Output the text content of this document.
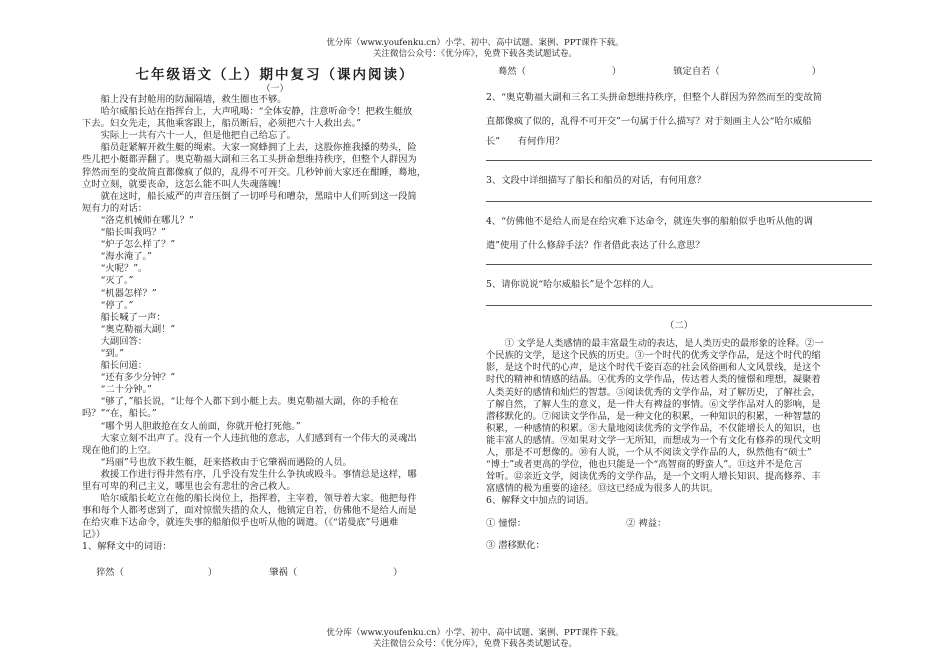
优分库（www.youfenku.cn）小学、初中、高中试题、案例、PPT课件下载。
关注微信公众号：《优分库》，免费下载各类试题试卷。
七年级语文（上）期中复习（课内阅读）
（一）

船上没有封舱用的防漏隔墙，救生圈也不够。

哈尔威船长站在指挥台上，大声吼喝：“全体安静，注意听命令！把救生艇放

下去。妇女先走，其他乘客跟上，船员断后，必须把六十人救出去。”

实际上一共有六十一人，但是他把自己给忘了。

船员赶紧解开救生艇的绳索。大家一窝蜂拥了上去，这股你推我搡的势头，险

些儿把小艇都弄翻了。奥克勒福大副和三名工头拼命想维持秩序，但整个人群因为

猝然而至的变故简直都像疯了似的，乱得不可开交。几秒钟前大家还在酣睡，蓦地，

立时立刻，就要丧命，这怎么能不叫人失魂落魄！

就在这时，船长威严的声音压倒了一切呼号和嘈杂，黑暗中人们听到这一段简

短有力的对话：

“洛克机械师在哪儿？”

“船长叫我吗？”

“炉子怎么样了？”

“海水淹了。”

“火呢？”。

“灭了。”

“机器怎样？”

“停了。”

船长喊了一声：

“奥克勒福大副！”

大副回答：

“到。”

船长问道：

“还有多少分钟？”

“二十分钟。”

“够了，”船长说，“让每个人都下到小艇上去。奥克勒福大副，你的手枪在

吗？”“在，船长。”

“哪个男人胆敢抢在女人前面，你就开枪打死他。”

大家立刻不出声了。没有一个人违抗他的意志，人们感到有一个伟大的灵魂出

现在他们的上空。

“玛丽”号也放下救生艇，赶来搭救由于它肇祸而遇险的人员。

救援工作进行得井然有序，几乎没有发生什么争执或殴斗。事情总是这样，哪

里有可卑的利己主义，哪里也会有悲壮的舍己救人。

哈尔威船长屹立在他的船长岗位上，指挥着，主宰着，领导着大家。他把每件

事和每个人都考虑到了，面对惊慌失措的众人，他镇定自若，仿佛他不是给人而是

在给灾难下达命令，就连失事的船舶似乎也听从他的调遣。（《“诺曼底”号遇难

记》）

1、解释文中的词语：

猝然（	）	肇祸（	）
蓦然（	）	镇定自若（	）

2、“奥克勒福大副和三名工头拼命想维持秩序，但整个人群因为猝然而至的变故简

直都像疯了似的，乱得不可开交”一句属于什么描写？对于刻画主人公“哈尔威船

长”      有何作用？

3、文段中详细描写了船长和船员的对话，有何用意？

4、“仿佛他不是给人而是在给灾难下达命令，就连失事的船舶似乎也听从他的调

遣”使用了什么修辞手法？作者借此表达了什么意思？

5、请你说说“哈尔威船长”是个怎样的人。

（二）

① 文学是人类感情的最丰富最生动的表达，是人类历史的最形象的诠释。②一

个民族的文学，是这个民族的历史。③一个时代的优秀文学作品，是这个时代的缩

影，是这个时代的心声，是这个时代千姿百态的社会风俗画和人文风景线，是这个

时代的精神和情感的结晶。④优秀的文学作品，传达着人类的憧憬和理想，凝聚着

人类美好的感情和灿烂的智慧。⑤阅读优秀的文学作品，对了解历史，了解社会，

了解自然，了解人生的意义，是一件大有裨益的事情。⑥文学作品对人的影响，是

潜移默化的。⑦阅读文学作品，是一种文化的积累，一种知识的积累，一种智慧的

积累，一种感情的积累。⑧大量地阅读优秀的文学作品，不仅能增长人的知识，也

能丰富人的感情。⑨如果对文学一无所知，而想成为一个有文化有修养的现代文明

人，那是不可想像的。⑩有人说，一个从不阅读文学作品的人，纵然他有“硕士”

“博士”或者更高的学位，他也只能是一个“高智商的野蛮人”。⑪这并不是危言

耸听。⑫亲近文学，阅读优秀的文学作品，是一个文明人增长知识、提高修养、丰

富感情的极为重要的途径。⑬这已经成为很多人的共识。

6、解释文中加点的词语。

① 憧憬：	② 裨益：

③ 潜移默化：

优分库（www.youfenku.cn）小学、初中、高中试题、案例、PPT课件下载。
关注微信公众号：《优分库》，免费下载各类试题试卷。
